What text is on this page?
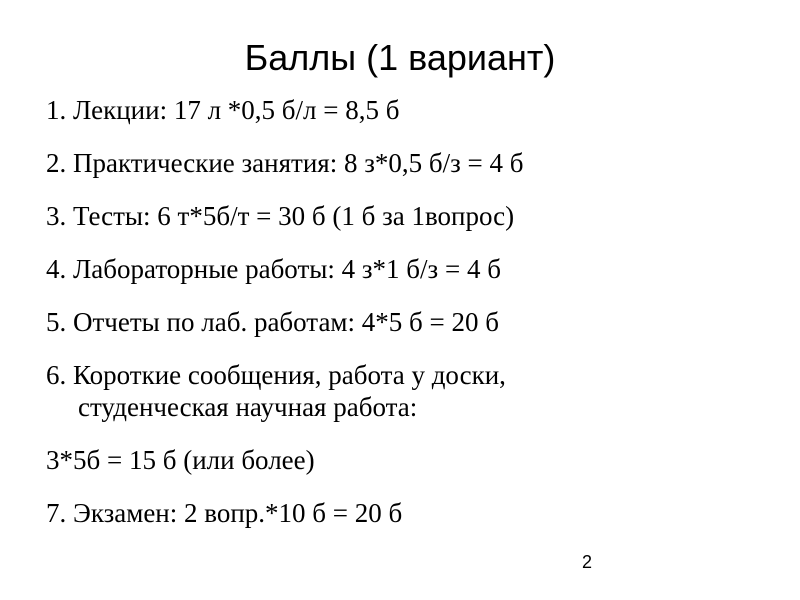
Баллы (1 вариант)
1. Лекции: 17 л *0,5 б/л = 8,5 б
2. Практические занятия: 8 з*0,5 б/з = 4 б
3. Тесты: 6 т*5б/т = 30 б (1 б за 1вопрос)
4. Лабораторные работы: 4 з*1 б/з = 4 б
5. Отчеты по лаб. работам: 4*5 б = 20 б
6. Короткие сообщения, работа у доски,
студенческая научная работа:
3*5б = 15 б (или более)
7. Экзамен: 2 вопр.*10 б = 20 б
2
